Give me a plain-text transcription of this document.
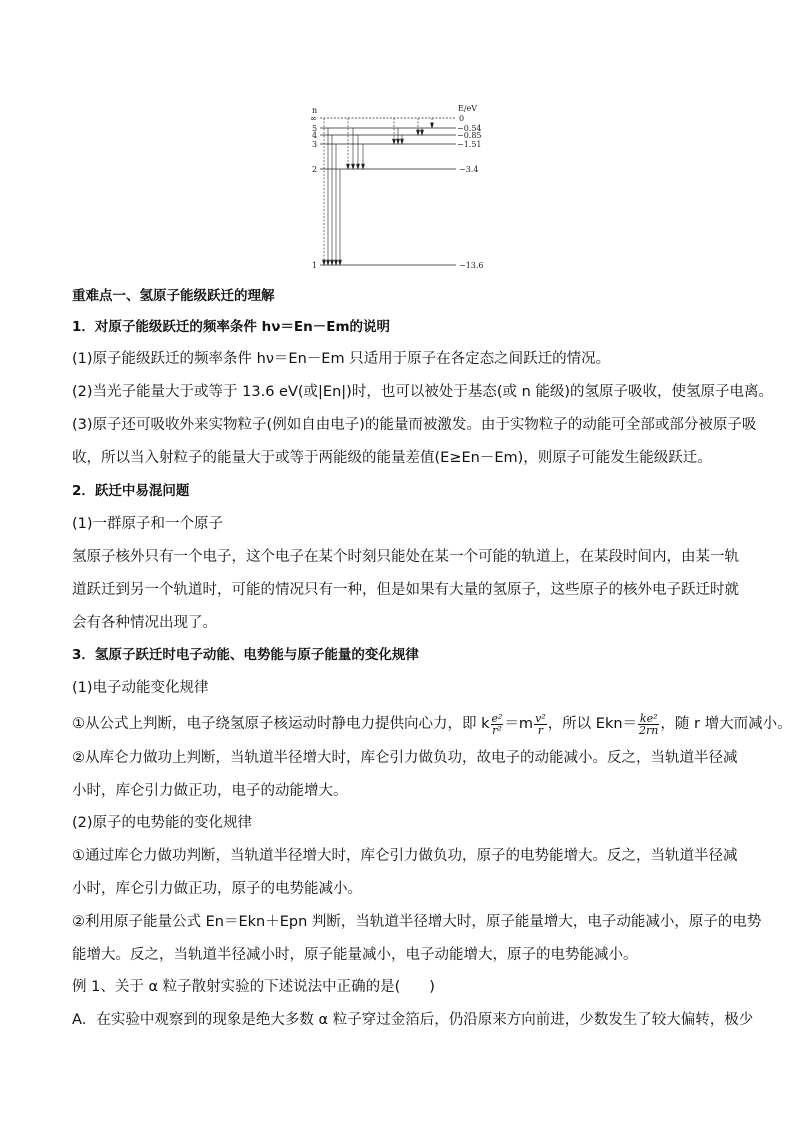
n	E/eV
∞	0
5	−0.54
4	−0.85
3	−1.51
2	−3.4
1	−13.6
重难点一、氢原子能级跃迁的理解
1．对原子能级跃迁的频率条件 hν＝En－Em的说明
(1)原子能级跃迁的频率条件 hν＝En－Em 只适用于原子在各定态之间跃迁的情况。
(2)当光子能量大于或等于 13.6 eV(或|En|)时，也可以被处于基态(或 n 能级)的氢原子吸收，使氢原子电离。
(3)原子还可吸收外来实物粒子(例如自由电子)的能量而被激发。由于实物粒子的动能可全部或部分被原子吸
收，所以当入射粒子的能量大于或等于两能级的能量差值(E≥En－Em)，则原子可能发生能级跃迁。
2．跃迁中易混问题
(1)一群原子和一个原子
氢原子核外只有一个电子，这个电子在某个时刻只能处在某一个可能的轨道上，在某段时间内，由某一轨
道跃迁到另一个轨道时，可能的情况只有一种，但是如果有大量的氢原子，这些原子的核外电子跃迁时就
会有各种情况出现了。
3．氢原子跃迁时电子动能、电势能与原子能量的变化规律
(1)电子动能变化规律
①从公式上判断，电子绕氢原子核运动时静电力提供向心力，即 k $\frac{\text{e²}}{\text{r²}} =m \frac{\text{v²}}{r}$ ，所以 $Ekn= \frac{\text{ke²}}{2rn}$ ，随 r 增大而减小。
②从库仑力做功上判断，当轨道半径增大时，库仑引力做负功，故电子的动能减小。反之，当轨道半径减
小时，库仑引力做正功，电子的动能增大。
(2)原子的电势能的变化规律
①通过库仑力做功判断，当轨道半径增大时，库仑引力做负功，原子的电势能增大。反之，当轨道半径减
小时，库仑引力做正功，原子的电势能减小。
②利用原子能量公式 En＝Ekn＋Epn 判断，当轨道半径增大时，原子能量增大，电子动能减小，原子的电势
能增大。反之，当轨道半径减小时，原子能量减小，电子动能增大，原子的电势能减小。
例 1、关于 α 粒子散射实验的下述说法中正确的是(　　)
A．在实验中观察到的现象是绝大多数 α 粒子穿过金箔后，仍沿原来方向前进，少数发生了较大偏转，极少
